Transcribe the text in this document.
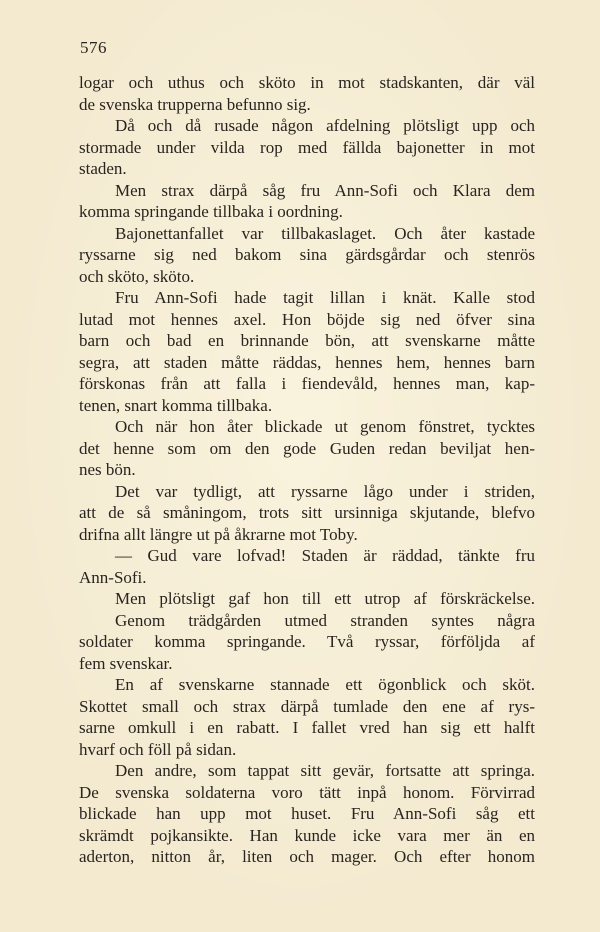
576
logar och uthus och sköto in mot stadskanten, där väl
de svenska trupperna befunno sig.
Då och då rusade någon afdelning plötsligt upp och
stormade under vilda rop med fällda bajonetter in mot
staden.
Men strax därpå såg fru Ann-Sofi och Klara dem
komma springande tillbaka i oordning.
Bajonettanfallet var tillbakaslaget. Och åter kastade
ryssarne sig ned bakom sina gärdsgårdar och stenrös
och sköto, sköto.
Fru Ann-Sofi hade tagit lillan i knät. Kalle stod
lutad mot hennes axel. Hon böjde sig ned öfver sina
barn och bad en brinnande bön, att svenskarne måtte
segra, att staden måtte räddas, hennes hem, hennes barn
förskonas från att falla i fiendevåld, hennes man, kap-
tenen, snart komma tillbaka.
Och när hon åter blickade ut genom fönstret, tycktes
det henne som om den gode Guden redan beviljat hen-
nes bön.
Det var tydligt, att ryssarne lågo under i striden,
att de så småningom, trots sitt ursinniga skjutande, blefvo
drifna allt längre ut på åkrarne mot Toby.
— Gud vare lofvad! Staden är räddad, tänkte fru
Ann-Sofi.
Men plötsligt gaf hon till ett utrop af förskräckelse.
Genom trädgården utmed stranden syntes några
soldater komma springande. Två ryssar, förföljda af
fem svenskar.
En af svenskarne stannade ett ögonblick och sköt.
Skottet small och strax därpå tumlade den ene af rys-
sarne omkull i en rabatt. I fallet vred han sig ett halft
hvarf och föll på sidan.
Den andre, som tappat sitt gevär, fortsatte att springa.
De svenska soldaterna voro tätt inpå honom. Förvirrad
blickade han upp mot huset. Fru Ann-Sofi såg ett
skrämdt pojkansikte. Han kunde icke vara mer än en
aderton, nitton år, liten och mager. Och efter honom
